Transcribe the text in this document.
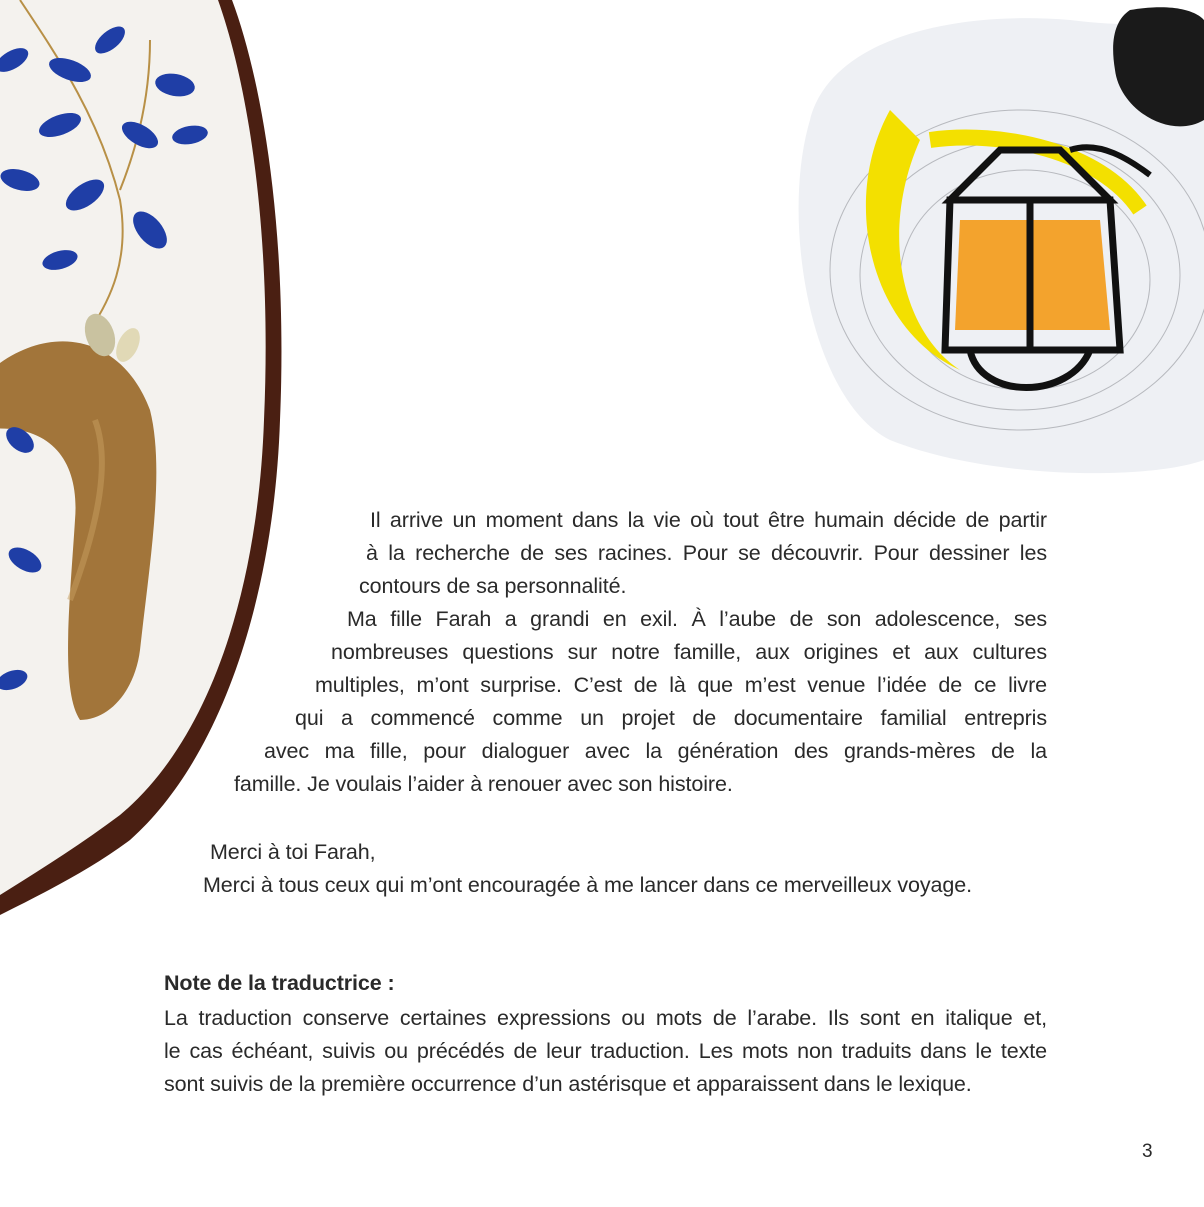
Il arrive un moment dans la vie où tout être humain décide de partir

à la recherche de ses racines. Pour se découvrir. Pour dessiner les

contours de sa personnalité.

Ma fille Farah a grandi en exil. À l’aube de son adolescence, ses

nombreuses questions sur notre famille, aux origines et aux cultures

multiples, m’ont surprise. C’est de là que m’est venue l’idée de ce livre

qui a commencé comme un projet de documentaire familial entrepris

avec ma fille, pour dialoguer avec la génération des grands-mères de la

famille. Je voulais l’aider à renouer avec son histoire.

Merci à toi Farah,

Merci à tous ceux qui m’ont encouragée à me lancer dans ce merveilleux voyage.

Note de la traductrice :

La traduction conserve certaines expressions ou mots de l’arabe. Ils sont en italique et,

le cas échéant, suivis ou précédés de leur traduction. Les mots non traduits dans le texte

sont suivis de la première occurrence d’un astérisque et apparaissent dans le lexique.

3
